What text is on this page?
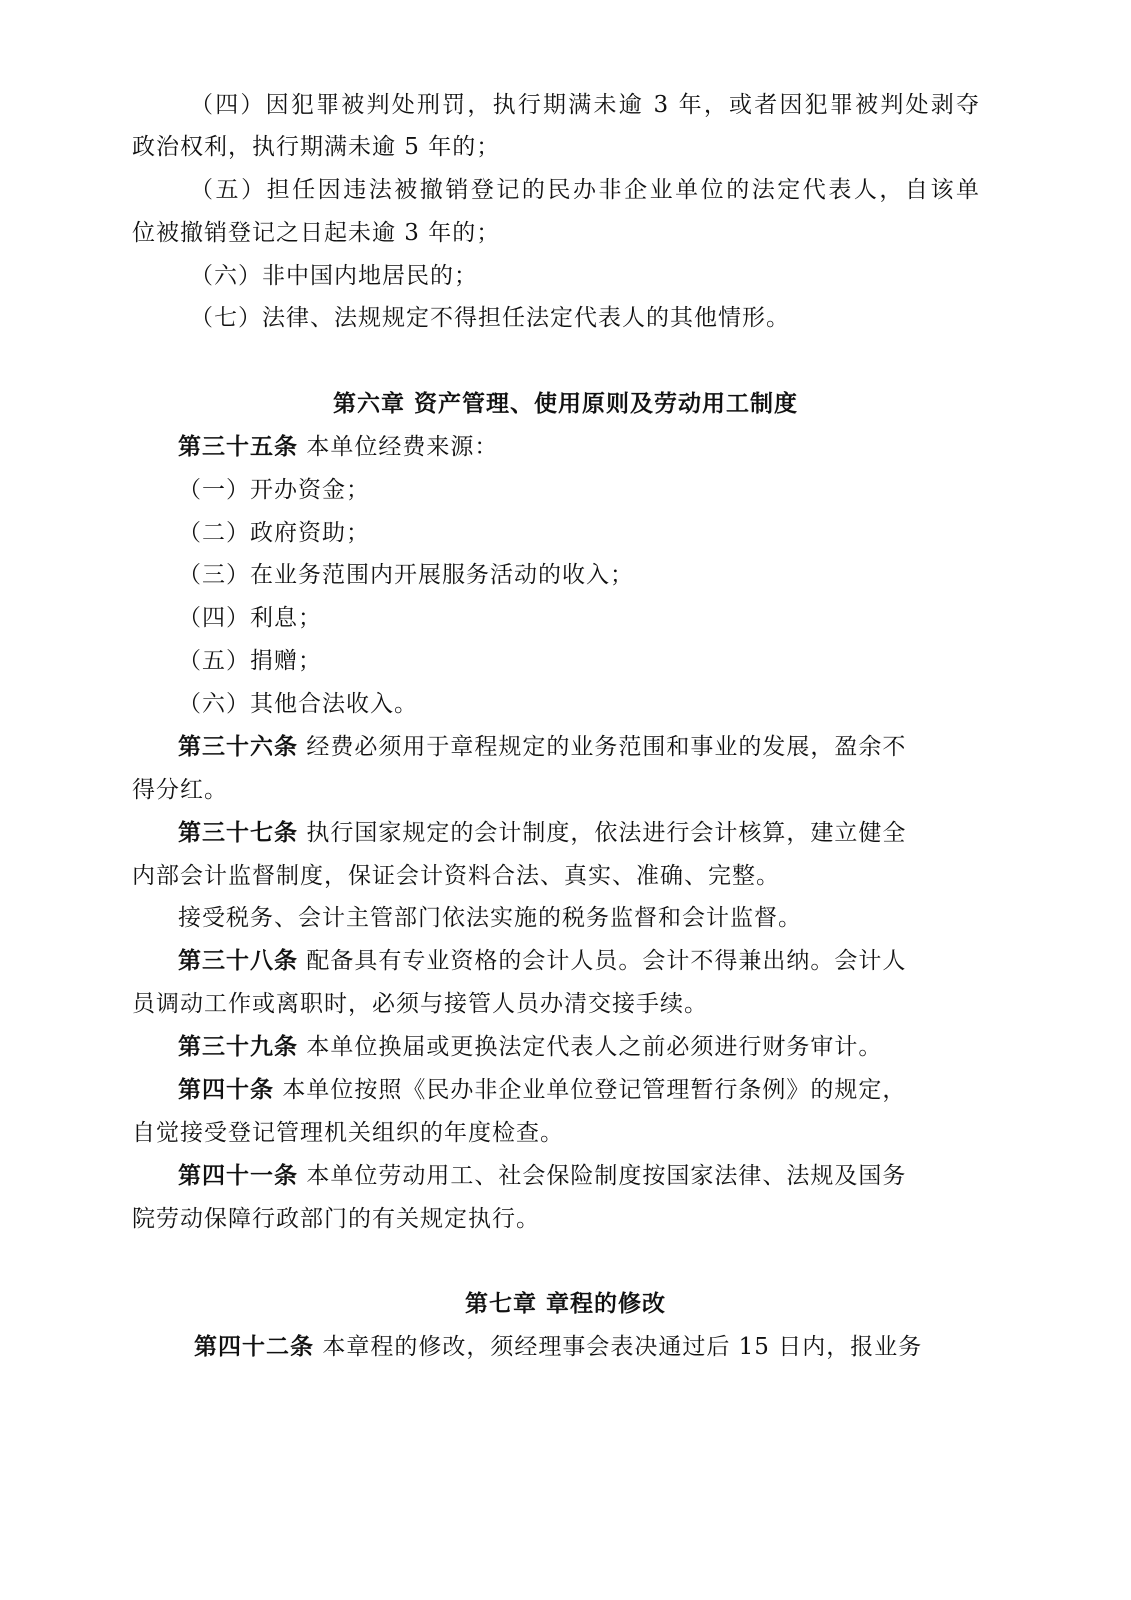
（四）因犯罪被判处刑罚，执行期满未逾 3 年，或者因犯罪被判处剥夺
政治权利，执行期满未逾 5 年的；
（五）担任因违法被撤销登记的民办非企业单位的法定代表人，自该单
位被撤销登记之日起未逾 3 年的；
（六）非中国内地居民的；
（七）法律、法规规定不得担任法定代表人的其他情形。
第六章 资产管理、使用原则及劳动用工制度
第三十五条 本单位经费来源：
（一）开办资金；
（二）政府资助；
（三）在业务范围内开展服务活动的收入；
（四）利息；
（五）捐赠；
（六）其他合法收入。
第三十六条 经费必须用于章程规定的业务范围和事业的发展，盈余不
得分红。
第三十七条 执行国家规定的会计制度，依法进行会计核算，建立健全
内部会计监督制度，保证会计资料合法、真实、准确、完整。
接受税务、会计主管部门依法实施的税务监督和会计监督。
第三十八条 配备具有专业资格的会计人员。会计不得兼出纳。会计人
员调动工作或离职时，必须与接管人员办清交接手续。
第三十九条 本单位换届或更换法定代表人之前必须进行财务审计。
第四十条 本单位按照《民办非企业单位登记管理暂行条例》的规定，
自觉接受登记管理机关组织的年度检查。
第四十一条 本单位劳动用工、社会保险制度按国家法律、法规及国务
院劳动保障行政部门的有关规定执行。
第七章 章程的修改
第四十二条 本章程的修改，须经理事会表决通过后 15 日内，报业务
